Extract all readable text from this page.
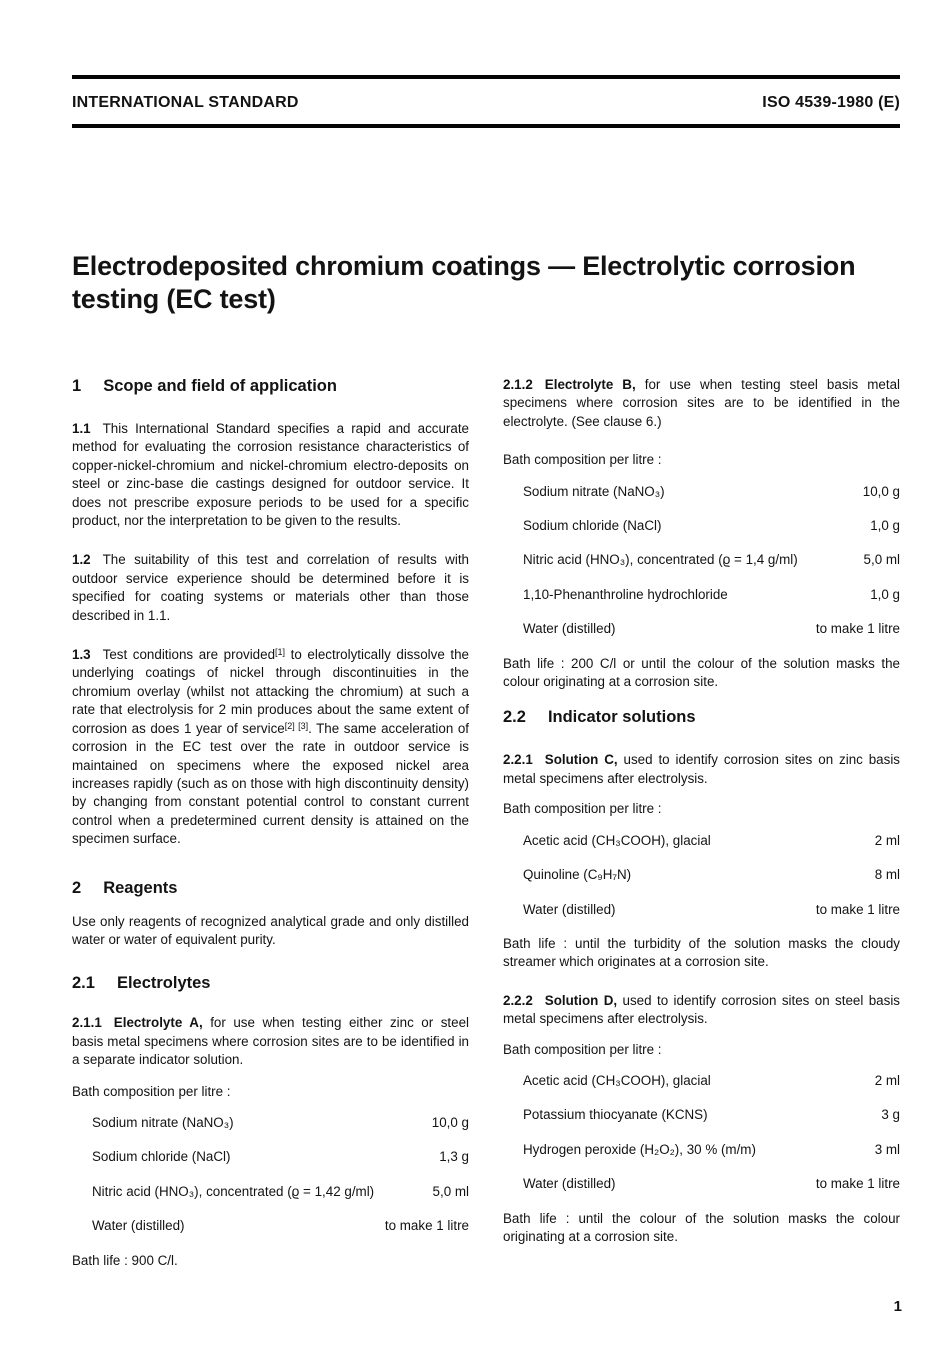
INTERNATIONAL STANDARD	ISO 4539-1980 (E)
Electrodeposited chromium coatings — Electrolytic corrosion testing (EC test)
1 Scope and field of application

1.1 This International Standard specifies a rapid and accurate method for evaluating the corrosion resistance characteristics of copper-nickel-chromium and nickel-chromium electro-deposits on steel or zinc-base die castings designed for outdoor service. It does not prescribe exposure periods to be used for a specific product, nor the interpretation to be given to the results.

1.2 The suitability of this test and correlation of results with outdoor service experience should be determined before it is specified for coating systems or materials other than those described in 1.1.

1.3 Test conditions are provided[1] to electrolytically dissolve the underlying coatings of nickel through discontinuities in the chromium overlay (whilst not attacking the chromium) at such a rate that electrolysis for 2 min produces about the same extent of corrosion as does 1 year of service[2] [3]. The same acceleration of corrosion in the EC test over the rate in outdoor service is maintained on specimens where the exposed nickel area increases rapidly (such as on those with high discontinuity density) by changing from constant potential control to constant current control when a predetermined current density is attained on the specimen surface.

2 Reagents

Use only reagents of recognized analytical grade and only distilled water or water of equivalent purity.

2.1 Electrolytes

2.1.1 Electrolyte A, for use when testing either zinc or steel basis metal specimens where corrosion sites are to be identified in a separate indicator solution.

Bath composition per litre :

Sodium nitrate (NaNO₃)	10,0 g
Sodium chloride (NaCl)	1,3 g
Nitric acid (HNO₃), concentrated (ϱ = 1,42 g/ml)	5,0 ml
Water (distilled)	to make 1 litre

Bath life : 900 C/l.

2.1.2 Electrolyte B, for use when testing steel basis metal specimens where corrosion sites are to be identified in the electrolyte. (See clause 6.)

Bath composition per litre :

Sodium nitrate (NaNO₃)	10,0 g
Sodium chloride (NaCl)	1,0 g
Nitric acid (HNO₃), concentrated (ϱ = 1,4 g/ml)	5,0 ml
1,10-Phenanthroline hydrochloride	1,0 g
Water (distilled)	to make 1 litre

Bath life : 200 C/l or until the colour of the solution masks the colour originating at a corrosion site.

2.2 Indicator solutions

2.2.1 Solution C, used to identify corrosion sites on zinc basis metal specimens after electrolysis.

Bath composition per litre :

Acetic acid (CH₃COOH), glacial	2 ml
Quinoline (C₉H₇N)	8 ml
Water (distilled)	to make 1 litre

Bath life : until the turbidity of the solution masks the cloudy streamer which originates at a corrosion site.

2.2.2 Solution D, used to identify corrosion sites on steel basis metal specimens after electrolysis.

Bath composition per litre :

Acetic acid (CH₃COOH), glacial	2 ml
Potassium thiocyanate (KCNS)	3 g
Hydrogen peroxide (H₂O₂), 30 % (m/m)	3 ml
Water (distilled)	to make 1 litre

Bath life : until the colour of the solution masks the colour originating at a corrosion site.

1
